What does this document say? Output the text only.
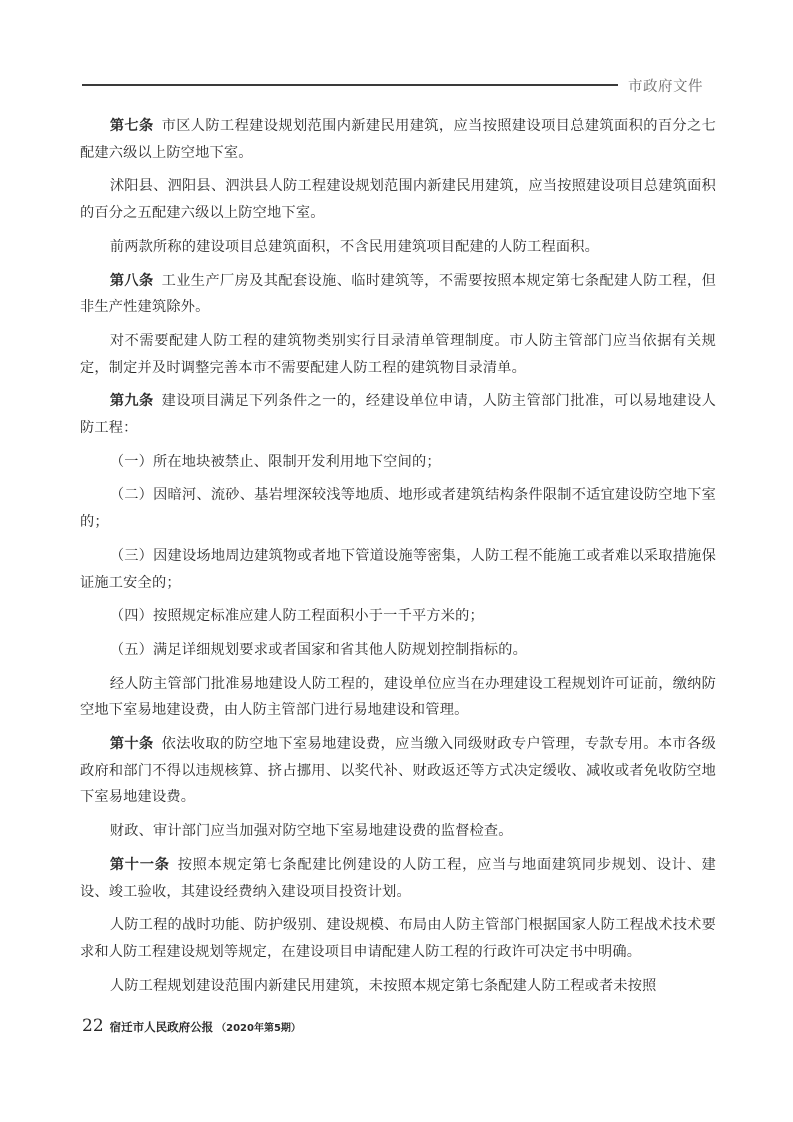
市政府文件

第七条 市区人防工程建设规划范围内新建民用建筑，应当按照建设项目总建筑面积的百分之七配建六级以上防空地下室。

沭阳县、泗阳县、泗洪县人防工程建设规划范围内新建民用建筑，应当按照建设项目总建筑面积的百分之五配建六级以上防空地下室。

前两款所称的建设项目总建筑面积，不含民用建筑项目配建的人防工程面积。

第八条 工业生产厂房及其配套设施、临时建筑等，不需要按照本规定第七条配建人防工程，但非生产性建筑除外。

对不需要配建人防工程的建筑物类别实行目录清单管理制度。市人防主管部门应当依据有关规定，制定并及时调整完善本市不需要配建人防工程的建筑物目录清单。

第九条 建设项目满足下列条件之一的，经建设单位申请，人防主管部门批准，可以易地建设人防工程：

（一）所在地块被禁止、限制开发利用地下空间的；

（二）因暗河、流砂、基岩埋深较浅等地质、地形或者建筑结构条件限制不适宜建设防空地下室的；

（三）因建设场地周边建筑物或者地下管道设施等密集，人防工程不能施工或者难以采取措施保证施工安全的；

（四）按照规定标准应建人防工程面积小于一千平方米的；

（五）满足详细规划要求或者国家和省其他人防规划控制指标的。

经人防主管部门批准易地建设人防工程的，建设单位应当在办理建设工程规划许可证前，缴纳防空地下室易地建设费，由人防主管部门进行易地建设和管理。

第十条 依法收取的防空地下室易地建设费，应当缴入同级财政专户管理，专款专用。本市各级政府和部门不得以违规核算、挤占挪用、以奖代补、财政返还等方式决定缓收、减收或者免收防空地下室易地建设费。

财政、审计部门应当加强对防空地下室易地建设费的监督检查。

第十一条 按照本规定第七条配建比例建设的人防工程，应当与地面建筑同步规划、设计、建设、竣工验收，其建设经费纳入建设项目投资计划。

人防工程的战时功能、防护级别、建设规模、布局由人防主管部门根据国家人防工程战术技术要求和人防工程建设规划等规定，在建设项目申请配建人防工程的行政许可决定书中明确。

人防工程规划建设范围内新建民用建筑，未按照本规定第七条配建人防工程或者未按照

22 宿迁市人民政府公报 （2020年第5期）
